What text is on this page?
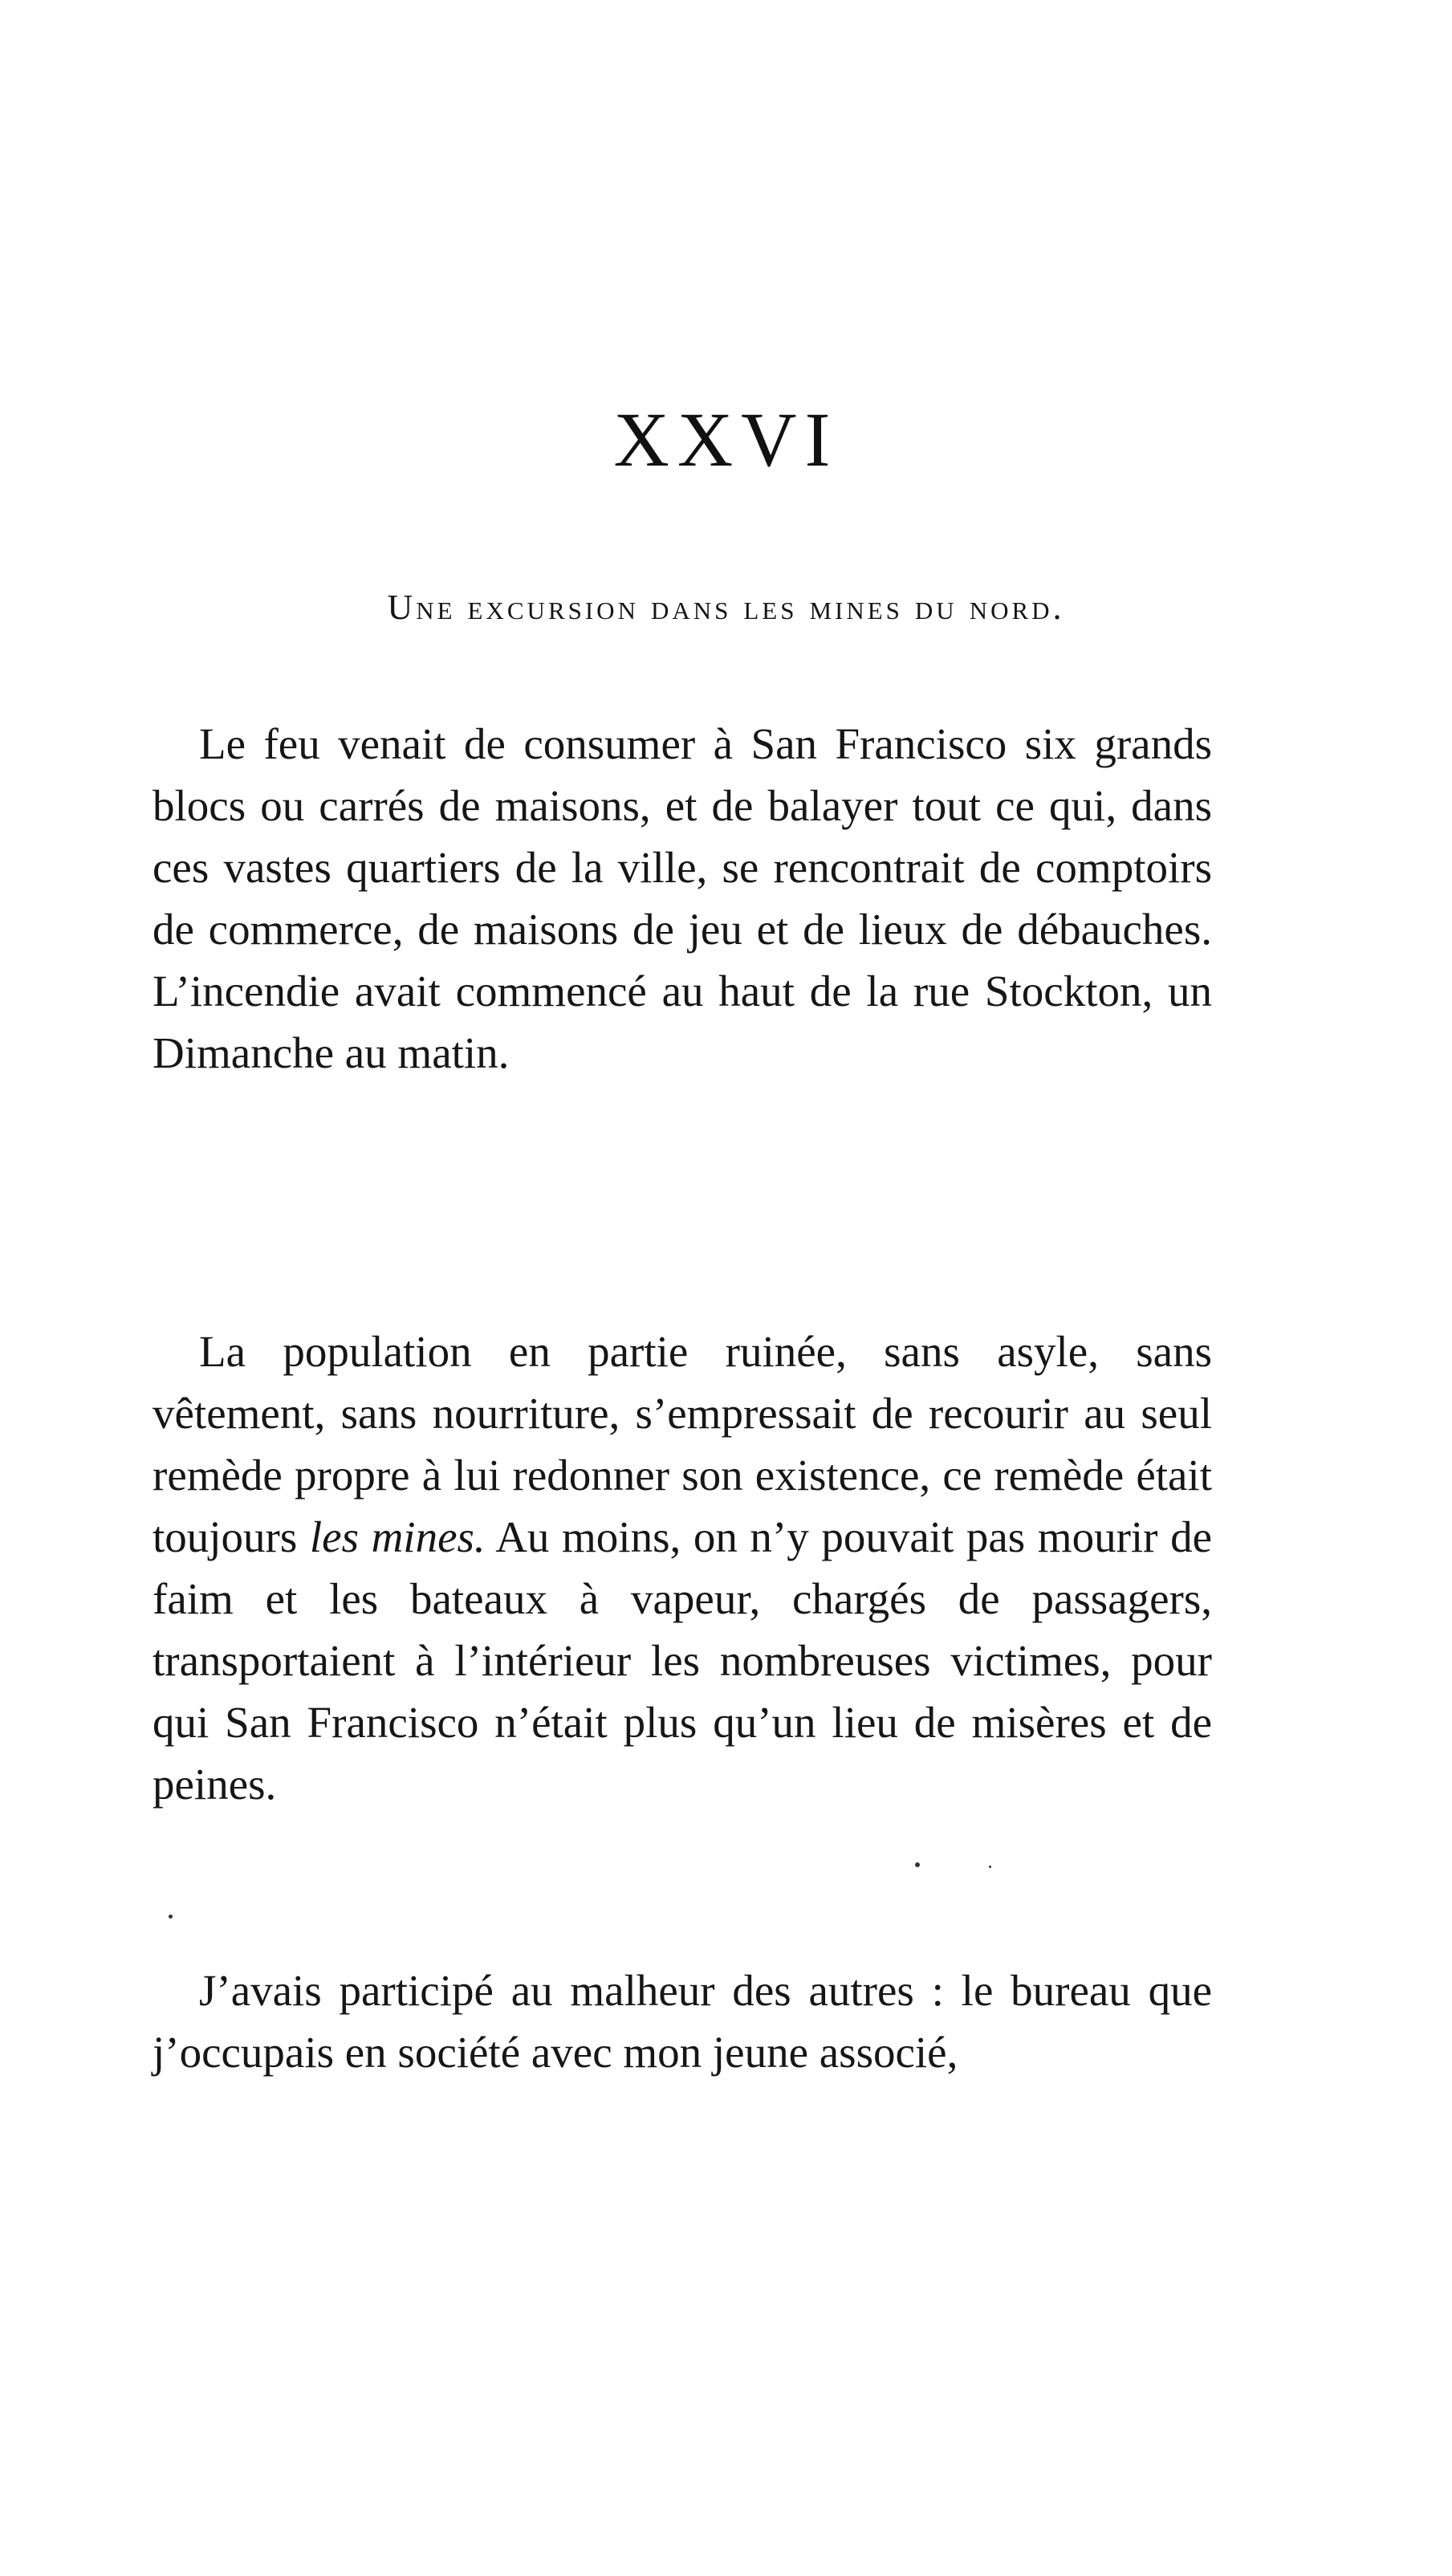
XXVI
Une excursion dans les mines du nord.

Le feu venait de consumer à San Francisco six grands blocs ou carrés de maisons, et de balayer tout ce qui, dans ces vastes quartiers de la ville, se rencontrait de comptoirs de commerce, de maisons de jeu et de lieux de débauches. L’incendie avait commencé au haut de la rue Stockton, un Dimanche au matin.

La population en partie ruinée, sans asyle, sans vêtement, sans nourriture, s’empressait de recourir au seul remède propre à lui redonner son existence, ce remède était toujours les mines. Au moins, on n’y pouvait pas mourir de faim et les bateaux à vapeur, chargés de passagers, transportaient à l’intérieur les nombreuses victimes, pour qui San Francisco n’était plus qu’un lieu de misères et de peines.

J’avais participé au malheur des autres : le bureau que j’occupais en société avec mon jeune associé,
